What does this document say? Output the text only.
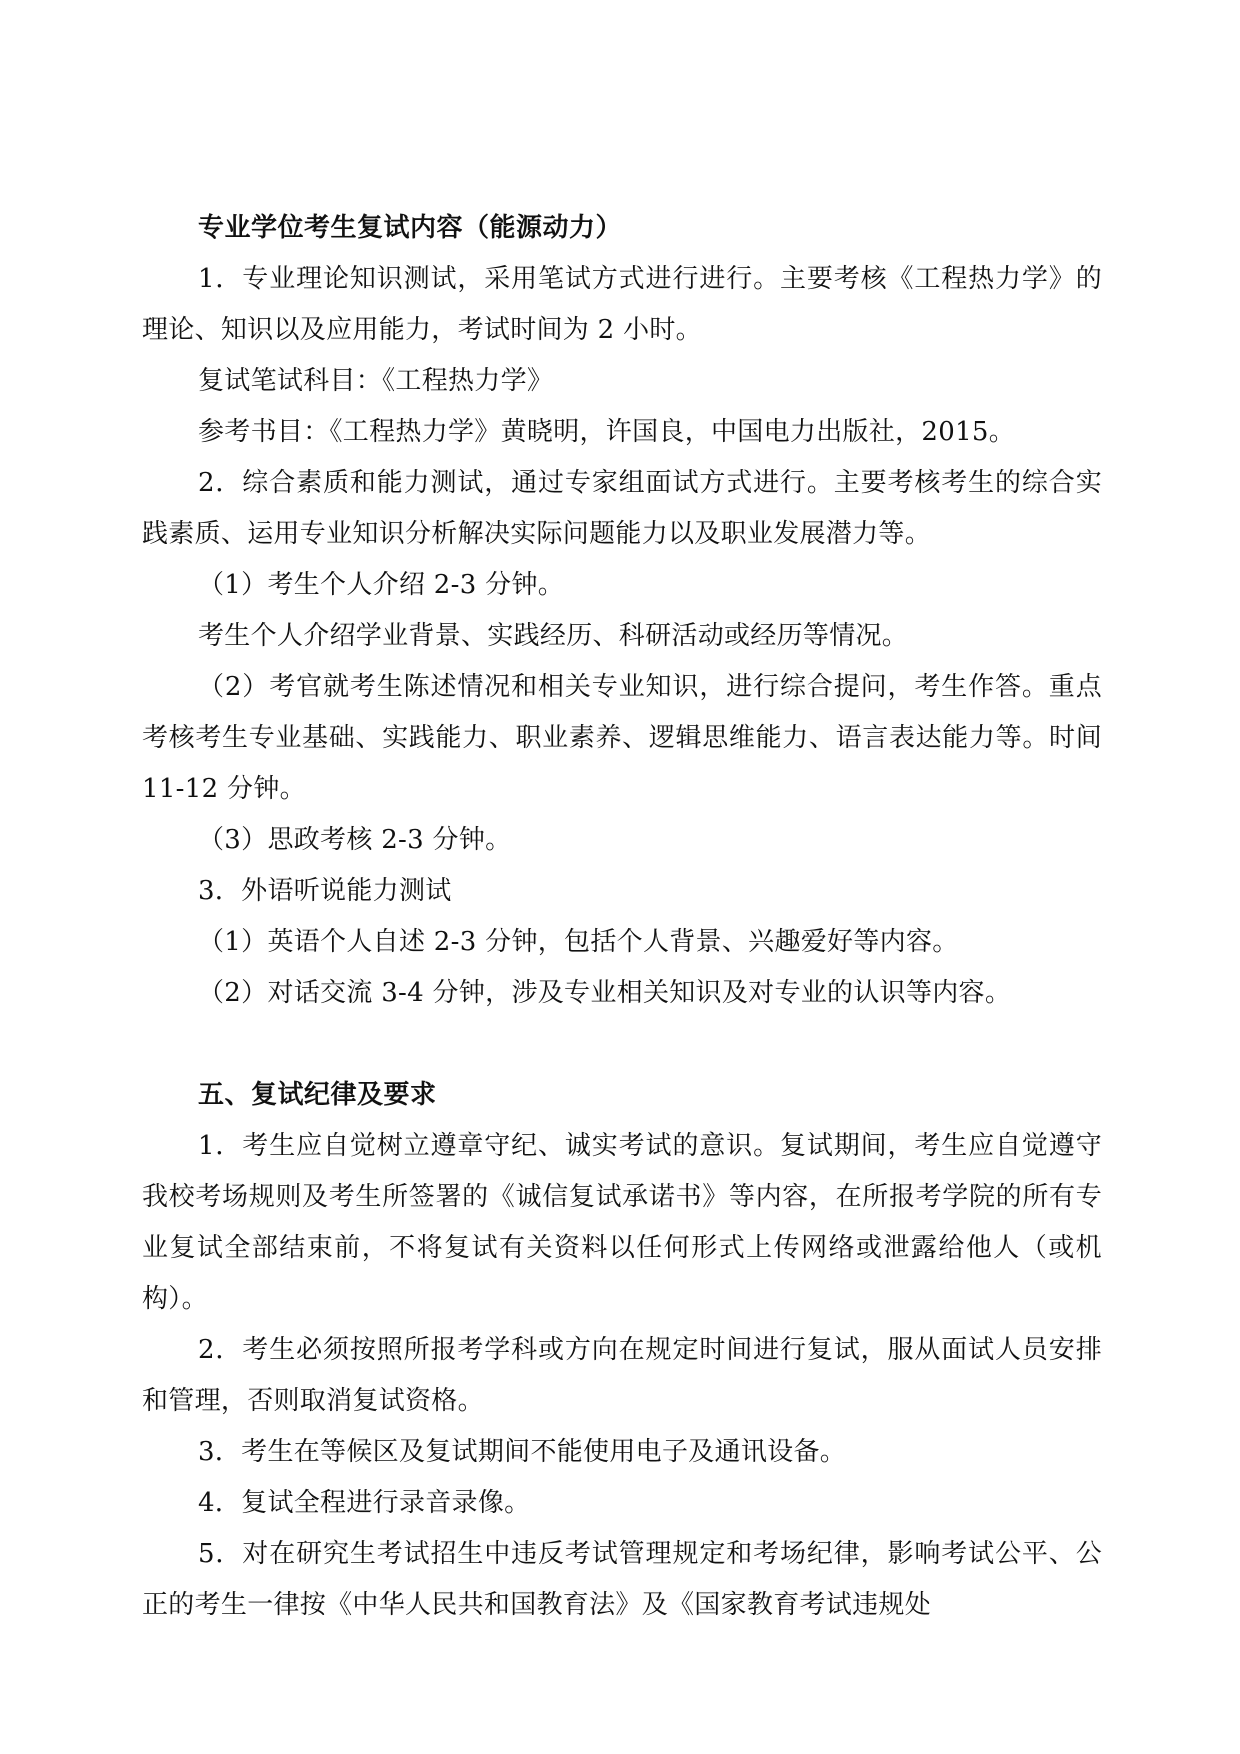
专业学位考生复试内容（能源动力）

1．专业理论知识测试，采用笔试方式进行进行。主要考核《工程热力学》的理论、知识以及应用能力，考试时间为 2 小时。

复试笔试科目：《工程热力学》

参考书目：《工程热力学》黄晓明，许国良，中国电力出版社，2015。

2．综合素质和能力测试，通过专家组面试方式进行。主要考核考生的综合实践素质、运用专业知识分析解决实际问题能力以及职业发展潜力等。

（1）考生个人介绍 2-3 分钟。

考生个人介绍学业背景、实践经历、科研活动或经历等情况。

（2）考官就考生陈述情况和相关专业知识，进行综合提问，考生作答。重点考核考生专业基础、实践能力、职业素养、逻辑思维能力、语言表达能力等。时间 11-12 分钟。

（3）思政考核 2-3 分钟。

3．外语听说能力测试

（1）英语个人自述 2-3 分钟，包括个人背景、兴趣爱好等内容。

（2）对话交流 3-4 分钟，涉及专业相关知识及对专业的认识等内容。

五、复试纪律及要求

1．考生应自觉树立遵章守纪、诚实考试的意识。复试期间，考生应自觉遵守我校考场规则及考生所签署的《诚信复试承诺书》等内容，在所报考学院的所有专业复试全部结束前，不将复试有关资料以任何形式上传网络或泄露给他人（或机构）。

2．考生必须按照所报考学科或方向在规定时间进行复试，服从面试人员安排和管理，否则取消复试资格。

3．考生在等候区及复试期间不能使用电子及通讯设备。

4．复试全程进行录音录像。

5．对在研究生考试招生中违反考试管理规定和考场纪律，影响考试公平、公正的考生一律按《中华人民共和国教育法》及《国家教育考试违规处
